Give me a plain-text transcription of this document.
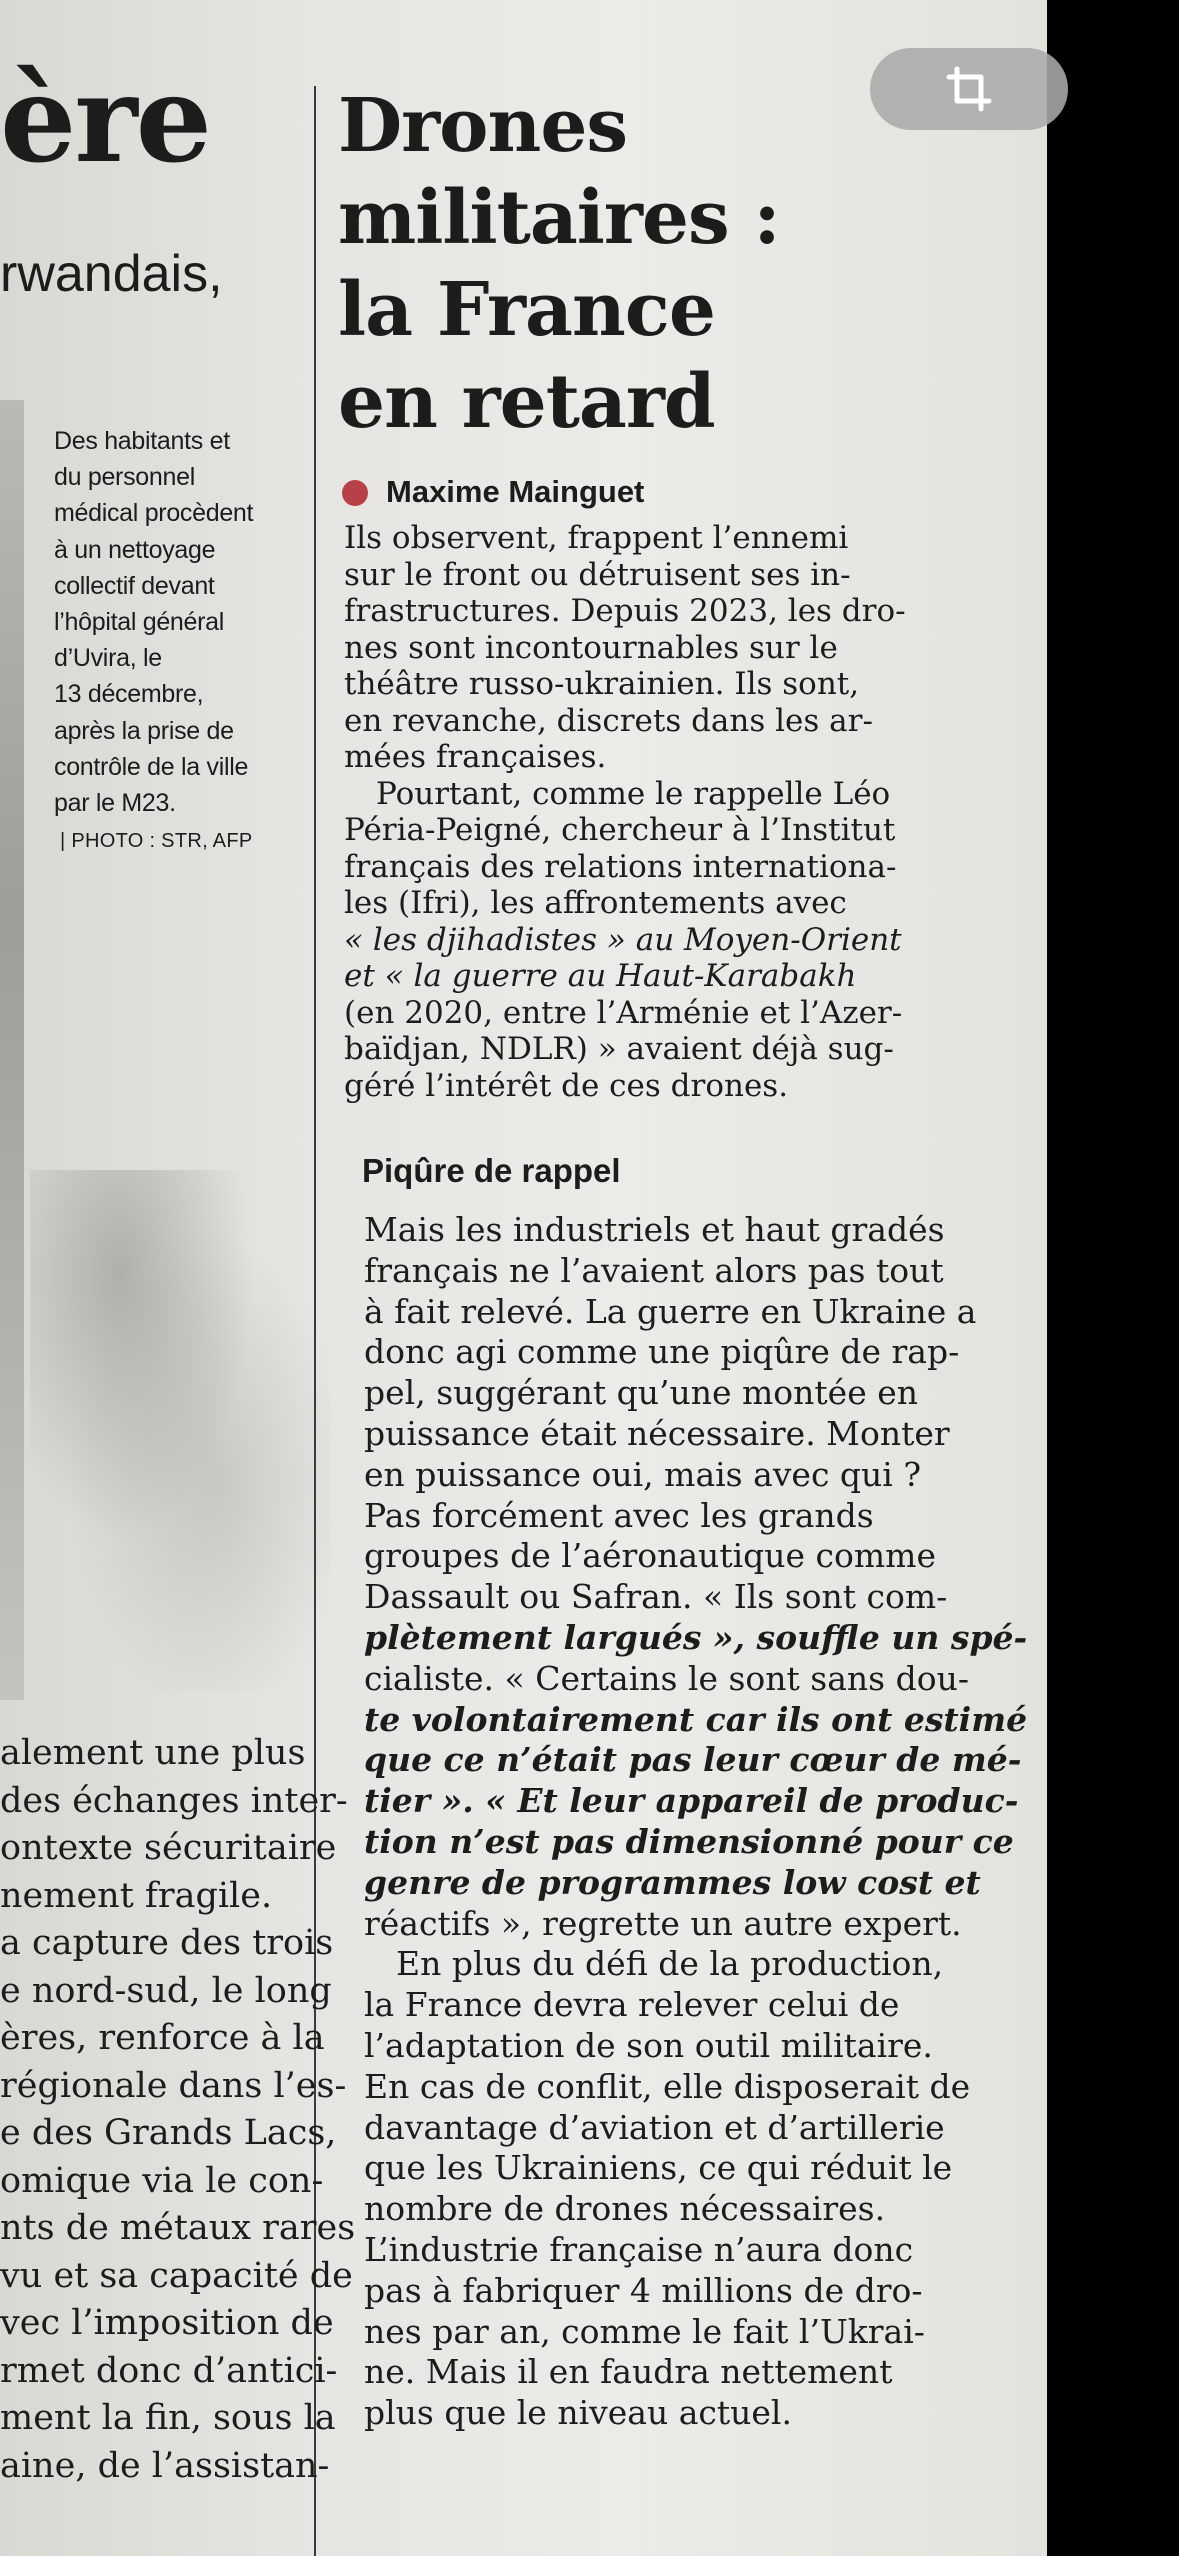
ère
rwandais,
Des habitants et
du personnel
médical procèdent
à un nettoyage
collectif devant
l’hôpital général
d’Uvira, le
13 décembre,
après la prise de
contrôle de la ville
par le M23.
| PHOTO : STR, AFP
alement une plus
des échanges inter-
ontexte sécuritaire
nement fragile.
a capture des trois
e nord-sud, le long
ères, renforce à la
régionale dans l’es-
e des Grands Lacs,
omique via le con-
nts de métaux rares
vu et sa capacité de
vec l’imposition de
rmet donc d’antici-
ment la fin, sous la
aine, de l’assistan-
Drones
militaires :
la France
en retard
Maxime Mainguet
Ils observent, frappent l’ennemi
sur le front ou détruisent ses in-
frastructures. Depuis 2023, les dro-
nes sont incontournables sur le
théâtre russo-ukrainien. Ils sont,
en revanche, discrets dans les ar-
mées françaises.
Pourtant, comme le rappelle Léo
Péria-Peigné, chercheur à l’Institut
français des relations internationa-
les (Ifri), les affrontements avec
« les djihadistes » au Moyen-Orient
et « la guerre au Haut-Karabakh
(en 2020, entre l’Arménie et l’Azer-
baïdjan, NDLR) » avaient déjà sug-
géré l’intérêt de ces drones.
Piqûre de rappel
Mais les industriels et haut gradés
français ne l’avaient alors pas tout
à fait relevé. La guerre en Ukraine a
donc agi comme une piqûre de rap-
pel, suggérant qu’une montée en
puissance était nécessaire. Monter
en puissance oui, mais avec qui ?
Pas forcément avec les grands
groupes de l’aéronautique comme
Dassault ou Safran. « Ils sont com-
plètement largués », souffle un spé-
cialiste. « Certains le sont sans dou-
te volontairement car ils ont estimé
que ce n’était pas leur cœur de mé-
tier ». « Et leur appareil de produc-
tion n’est pas dimensionné pour ce
genre de programmes low cost et
réactifs », regrette un autre expert.
En plus du défi de la production,
la France devra relever celui de
l’adaptation de son outil militaire.
En cas de conflit, elle disposerait de
davantage d’aviation et d’artillerie
que les Ukrainiens, ce qui réduit le
nombre de drones nécessaires.
L’industrie française n’aura donc
pas à fabriquer 4 millions de dro-
nes par an, comme le fait l’Ukrai-
ne. Mais il en faudra nettement
plus que le niveau actuel.
